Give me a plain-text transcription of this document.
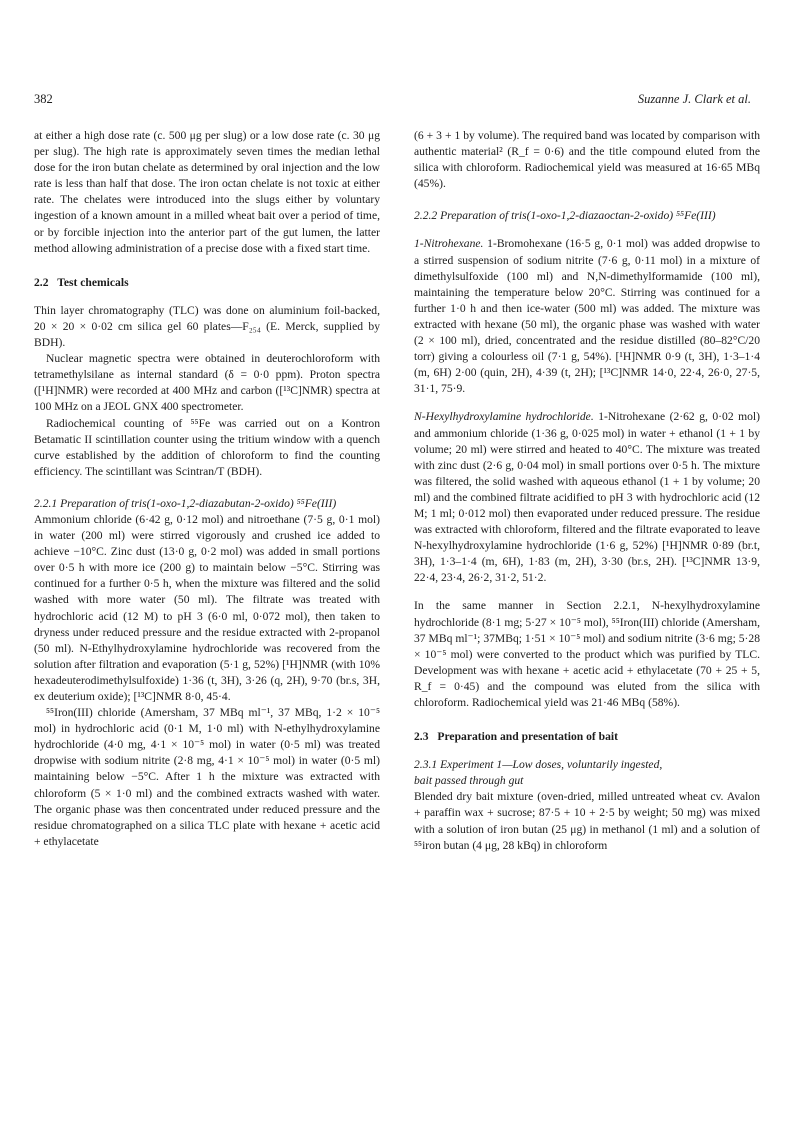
382	Suzanne J. Clark et al.

at either a high dose rate (c. 500 μg per slug) or a low dose rate (c. 30 μg per slug). The high rate is approximately seven times the median lethal dose for the iron butan chelate as determined by oral injection and the low rate is less than half that dose. The iron octan chelate is not toxic at either rate. The chelates were introduced into the slugs either by voluntary ingestion of a known amount in a milled wheat bait over a period of time, or by forcible injection into the anterior part of the gut lumen, the latter method allowing administration of a precise dose with a fixed start time.

2.2 Test chemicals

Thin layer chromatography (TLC) was done on aluminium foil-backed, 20 × 20 × 0·02 cm silica gel 60 plates—F₂₅₄ (E. Merck, supplied by BDH).

Nuclear magnetic spectra were obtained in deuterochloroform with tetramethylsilane as internal standard (δ = 0·0 ppm). Proton spectra ([¹H]NMR) were recorded at 400 MHz and carbon ([¹³C]NMR) spectra at 100 MHz on a JEOL GNX 400 spectrometer.

Radiochemical counting of ⁵⁵Fe was carried out on a Kontron Betamatic II scintillation counter using the tritium window with a quench curve established by the addition of chloroform to find the counting efficiency. The scintillant was Scintran/T (BDH).

2.2.1 Preparation of tris(1-oxo-1,2-diazabutan-2-oxido) ⁵⁵Fe(III)

Ammonium chloride (6·42 g, 0·12 mol) and nitroethane (7·5 g, 0·1 mol) in water (200 ml) were stirred vigorously and crushed ice added to achieve −10°C. Zinc dust (13·0 g, 0·2 mol) was added in small portions over 0·5 h with more ice (200 g) to maintain below −5°C. Stirring was continued for a further 0·5 h, when the mixture was filtered and the solid washed with more water (50 ml). The filtrate was treated with hydrochloric acid (12 M) to pH 3 (6·0 ml, 0·072 mol), then taken to dryness under reduced pressure and the residue extracted with 2-propanol (50 ml). N-Ethylhydroxylamine hydrochloride was recovered from the solution after filtration and evaporation (5·1 g, 52%) [¹H]NMR (with 10% hexadeuterodimethylsulfoxide) 1·36 (t, 3H), 3·26 (q, 2H), 9·70 (br.s, 3H, ex deuterium oxide); [¹³C]NMR 8·0, 45·4.

⁵⁵Iron(III) chloride (Amersham, 37 MBq ml⁻¹, 37 MBq, 1·2 × 10⁻⁵ mol) in hydrochloric acid (0·1 M, 1·0 ml) with N-ethylhydroxylamine hydrochloride (4·0 mg, 4·1 × 10⁻⁵ mol) in water (0·5 ml) was treated dropwise with sodium nitrite (2·8 mg, 4·1 × 10⁻⁵ mol) in water (0·5 ml) maintaining below −5°C. After 1 h the mixture was extracted with chloroform (5 × 1·0 ml) and the combined extracts washed with water. The organic phase was then concentrated under reduced pressure and the residue chromatographed on a silica TLC plate with hexane + acetic acid + ethylacetate

(6 + 3 + 1 by volume). The required band was located by comparison with authentic material² (R_f = 0·6) and the title compound eluted from the silica with chloroform. Radiochemical yield was measured at 16·65 MBq (45%).

2.2.2 Preparation of tris(1-oxo-1,2-diazaoctan-2-oxido) ⁵⁵Fe(III)

1-Nitrohexane. 1-Bromohexane (16·5 g, 0·1 mol) was added dropwise to a stirred suspension of sodium nitrite (7·6 g, 0·11 mol) in a mixture of dimethylsulfoxide (100 ml) and N,N-dimethylformamide (100 ml), maintaining the temperature below 20°C. Stirring was continued for a further 1·0 h and then ice-water (500 ml) was added. The mixture was extracted with hexane (50 ml), the organic phase was washed with water (2 × 100 ml), dried, concentrated and the residue distilled (80–82°C/20 torr) giving a colourless oil (7·1 g, 54%). [¹H]NMR 0·9 (t, 3H), 1·3–1·4 (m, 6H) 2·00 (quin, 2H), 4·39 (t, 2H); [¹³C]NMR 14·0, 22·4, 26·0, 27·5, 31·1, 75·9.

N-Hexylhydroxylamine hydrochloride. 1-Nitrohexane (2·62 g, 0·02 mol) and ammonium chloride (1·36 g, 0·025 mol) in water + ethanol (1 + 1 by volume; 20 ml) were stirred and heated to 40°C. The mixture was treated with zinc dust (2·6 g, 0·04 mol) in small portions over 0·5 h. The mixture was filtered, the solid washed with aqueous ethanol (1 + 1 by volume; 20 ml) and the combined filtrate acidified to pH 3 with hydrochloric acid (12 M; 1 ml; 0·012 mol) then evaporated under reduced pressure. The residue was extracted with chloroform, filtered and the filtrate evaporated to leave N-hexylhydroxylamine hydrochloride (1·6 g, 52%) [¹H]NMR 0·89 (br.t, 3H), 1·3–1·4 (m, 6H), 1·83 (m, 2H), 3·30 (br.s, 2H). [¹³C]NMR 13·9, 22·4, 23·4, 26·2, 31·2, 51·2.

In the same manner in Section 2.2.1, N-hexylhydroxylamine hydrochloride (8·1 mg; 5·27 × 10⁻⁵ mol), ⁵⁵Iron(III) chloride (Amersham, 37 MBq ml⁻¹; 37MBq; 1·51 × 10⁻⁵ mol) and sodium nitrite (3·6 mg; 5·28 × 10⁻⁵ mol) were converted to the product which was purified by TLC. Development was with hexane + acetic acid + ethylacetate (70 + 25 + 5, R_f = 0·45) and the compound was eluted from the silica with chloroform. Radiochemical yield was 21·46 MBq (58%).

2.3 Preparation and presentation of bait

2.3.1 Experiment 1—Low doses, voluntarily ingested,

bait passed through gut

Blended dry bait mixture (oven-dried, milled untreated wheat cv. Avalon + paraffin wax + sucrose; 87·5 + 10 + 2·5 by weight; 50 mg) was mixed with a solution of iron butan (25 μg) in methanol (1 ml) and a solution of ⁵⁵iron butan (4 μg, 28 kBq) in chloroform
